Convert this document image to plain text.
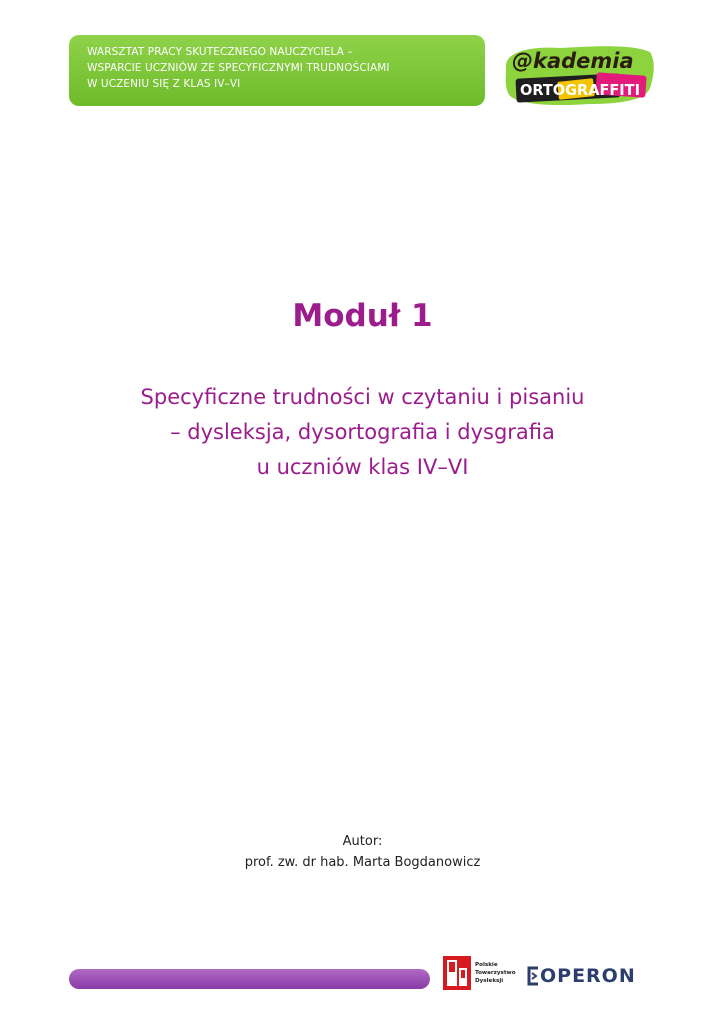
WARSZTAT PRACY SKUTECZNEGO NAUCZYCIELA –
WSPARCIE UCZNIÓW ZE SPECYFICZNYMI TRUDNOŚCIAMI
W UCZENIU SIĘ Z KLAS IV–VI
@kademia
ORTOGRAFFITI
Moduł 1
Specyficzne trudności w czytaniu i pisaniu
– dysleksja, dysortografia i dysgrafia
u uczniów klas IV–VI
Autor:
prof. zw. dr hab. Marta Bogdanowicz
Polskie
Towarzystwo
Dysleksji	OPERON
